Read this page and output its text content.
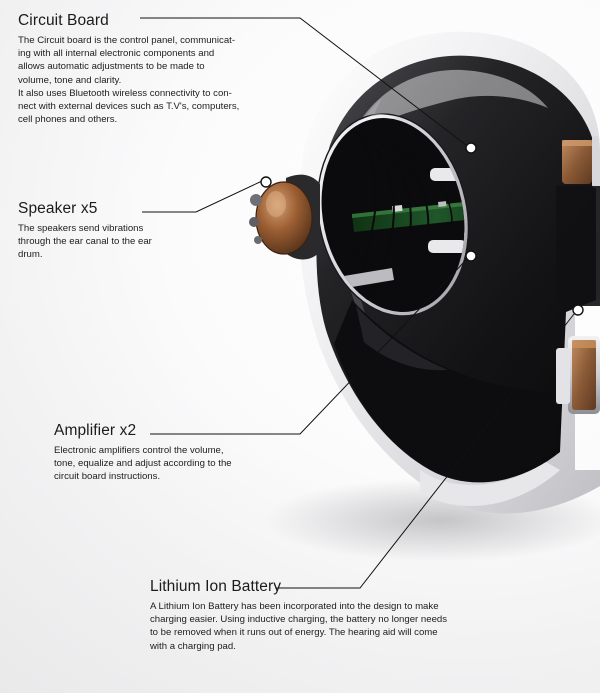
Circuit Board

The Circuit board is the control panel, communicat-

ing with all internal electronic components and

allows automatic adjustments to be made to

volume, tone and clarity.

It also uses Bluetooth wireless connectivity to con-

nect with external devices such as T.V's, computers,

cell phones and others.

Speaker x5

The speakers send vibrations

through the ear canal to the ear

drum.

Amplifier x2

Electronic amplifiers control the volume,

tone, equalize and adjust according to the

circuit board instructions.

Lithium Ion Battery

A Lithium Ion Battery has been incorporated into the design to make

charging easier. Using inductive charging, the battery no longer needs

to be removed when it runs out of energy. The hearing aid will come

with a charging pad.
